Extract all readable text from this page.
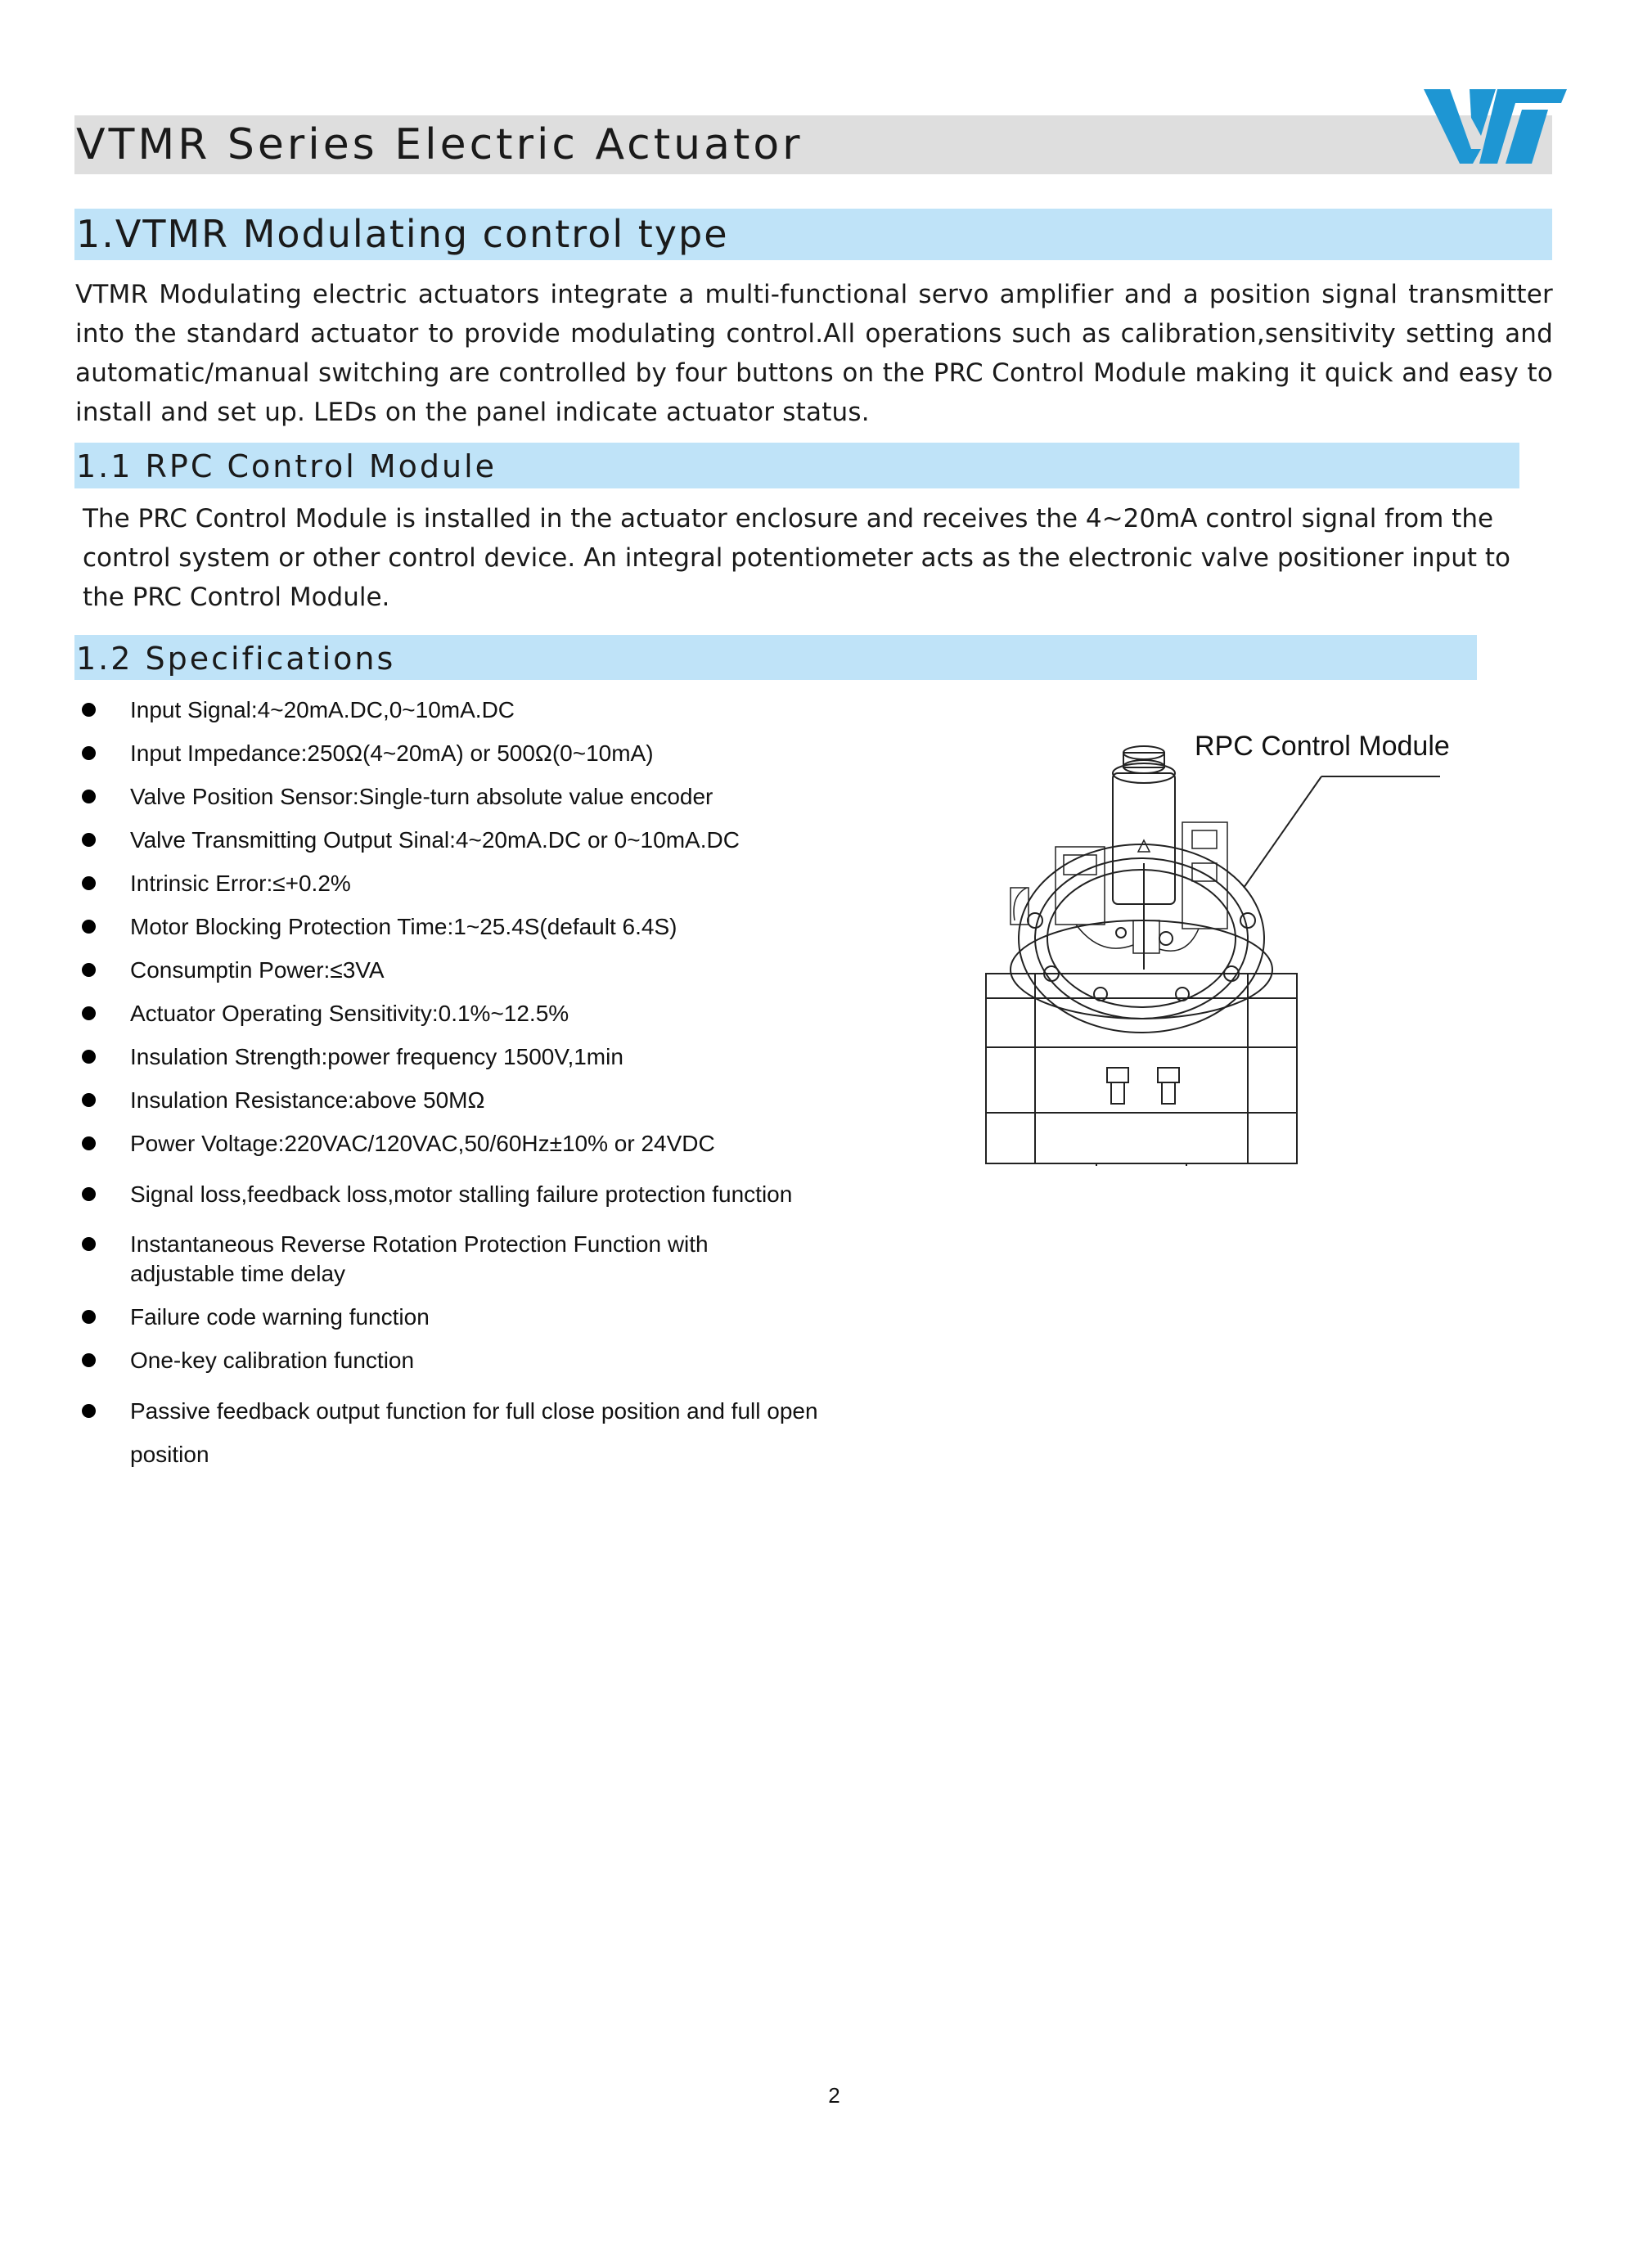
VTMR Series Electric Actuator
1.VTMR Modulating control type

VTMR Modulating electric actuators integrate a multi-functional servo amplifier and a position signal transmitter into the standard actuator to provide modulating control.All operations such as calibration,sensitivity setting and automatic/manual switching are controlled by four buttons on the PRC Control Module making it quick and easy to install and set up. LEDs on the panel indicate actuator status.

1.1 RPC Control Module

The PRC Control Module is installed in the actuator enclosure and receives the 4~20mA control signal from the control system or other control device. An integral potentiometer acts as the electronic valve positioner input to the PRC Control Module.

1.2 Specifications
Input Signal:4~20mA.DC,0~10mA.DC
Input Impedance:250Ω(4~20mA) or 500Ω(0~10mA)
Valve Position Sensor:Single-turn absolute value encoder
Valve Transmitting Output Sinal:4~20mA.DC or 0~10mA.DC
Intrinsic Error:≤+0.2%
Motor Blocking Protection Time:1~25.4S(default 6.4S)
Consumptin Power:≤3VA
Actuator Operating Sensitivity:0.1%~12.5%
Insulation Strength:power frequency 1500V,1min
Insulation Resistance:above 50MΩ
Power Voltage:220VAC/120VAC,50/60Hz±10% or 24VDC
Signal loss,feedback loss,motor stalling failure protection function
Instantaneous Reverse Rotation Protection Function with adjustable time delay
Failure code warning function
One-key calibration function
Passive feedback output function for full close position and full open position

RPC Control Module

2
